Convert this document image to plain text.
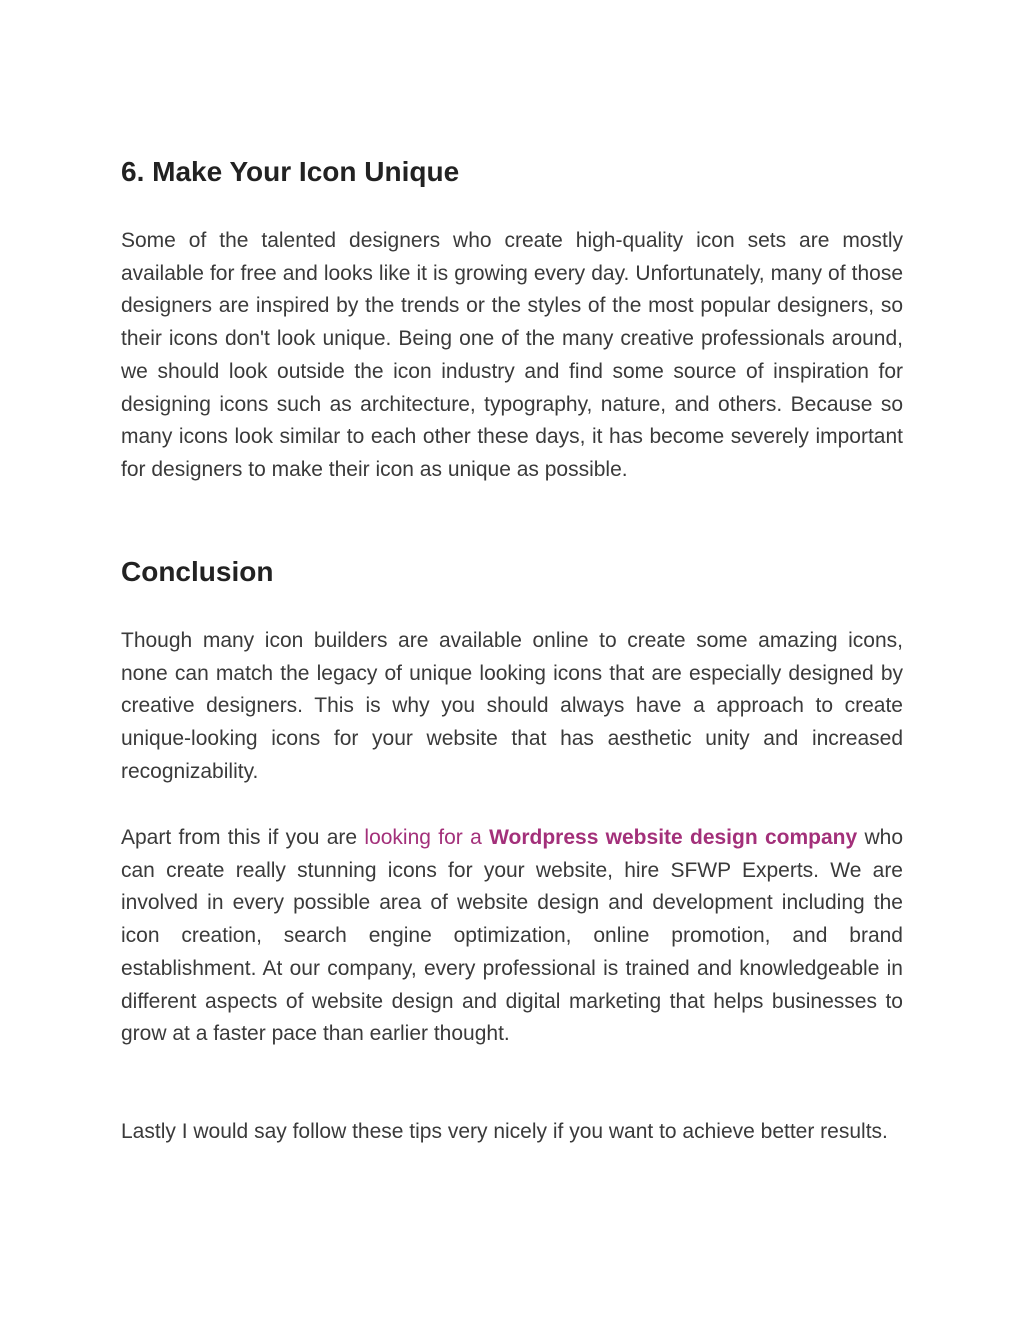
6. Make Your Icon Unique

Some of the talented designers who create high-quality icon sets are mostly available for free and looks like it is growing every day. Unfortunately, many of those designers are inspired by the trends or the styles of the most popular designers, so their icons don't look unique. Being one of the many creative professionals around, we should look outside the icon industry and find some source of inspiration for designing icons such as architecture, typography, nature, and others. Because so many icons look similar to each other these days, it has become severely important for designers to make their icon as unique as possible.

Conclusion

Though many icon builders are available online to create some amazing icons, none can match the legacy of unique looking icons that are especially designed by creative designers. This is why you should always have a approach to create unique-looking icons for your website that has aesthetic unity and increased recognizability.

Apart from this if you are looking for a Wordpress website design company who can create really stunning icons for your website, hire SFWP Experts. We are involved in every possible area of website design and development including the icon creation, search engine optimization, online promotion, and brand establishment. At our company, every professional is trained and knowledgeable in different aspects of website design and digital marketing that helps businesses to grow at a faster pace than earlier thought.

Lastly I would say follow these tips very nicely if you want to achieve better results.
